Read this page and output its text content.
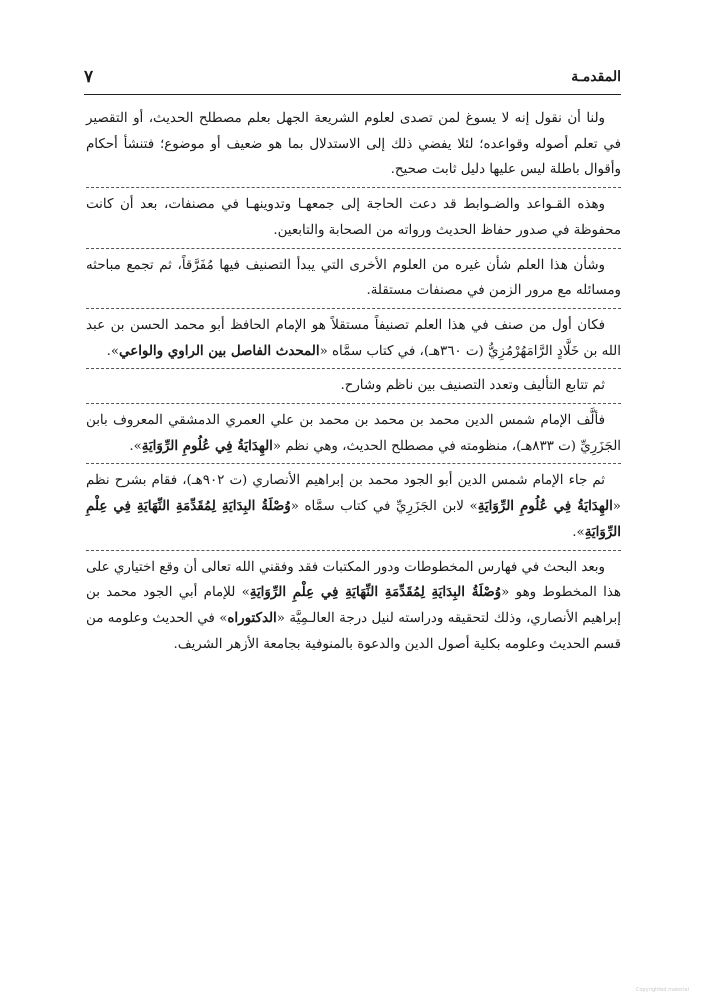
المقدمـة
٧

ولنا أن نقول إنه لا يسوغ لمن تصدى لعلوم الشريعة الجهل بعلم مصطلح الحديث، أو التقصير في تعلم أصوله وقواعده؛ لئلا يفضي ذلك إلى الاستدلال بما هو ضعيف أو موضوع؛ فتنشأ أحكام وأقوال باطلة ليس عليها دليل ثابت صحيح.

وهذه القـواعد والضـوابط قد دعت الحاجة إلى جمعهـا وتدوينهـا في مصنفات، بعد أن كانت محفوظة في صدور حفاظ الحديث ورواته من الصحابة والتابعين.

وشأن هذا العلم شأن غيره من العلوم الأخرى التي يبدأ التصنيف فيها مُفَرَّقاً، ثم تجمع مباحثه ومسائله مع مرور الزمن في مصنفات مستقلة.

فكان أول من صنف في هذا العلم تصنيفاً مستقلاً هو الإمام الحافظ أبو محمد الحسن بن عبد الله بن خَلَّادٍ الرَّامَهُرْمُزِيُّ (ت ٣٦٠هـ)، في كتاب سمَّاه «المحدث الفاصل بين الراوي والواعي».

ثم تتابع التأليف وتعدد التصنيف بين ناظم وشارح.

فألَّف الإمام شمس الدين محمد بن محمد بن محمد بن علي العمري الدمشقي المعروف بابن الجَزَرِيِّ (ت ٨٣٣هـ)، منظومته في مصطلح الحديث، وهي نظم «الهِدَايَةُ فِي عُلُومِ الرِّوَايَةِ».

ثم جاء الإمام شمس الدين أبو الجود محمد بن إبراهيم الأنصاري (ت ٩٠٢هـ)، فقام بشرح نظم «الهِدَايَةُ فِي عُلُومِ الرِّوَايَةِ» لابن الجَزَرِيِّ في كتاب سمَّاه «وُصْلَةُ البِدَايَةِ لِمُقَدِّمَةِ النِّهَايَةِ فِي عِلْمِ الرِّوَايَةِ».

وبعد البحث في فهارس المخطوطات ودور المكتبات فقد وفقني الله تعالى أن وقع اختياري على هذا المخطوط وهو «وُصْلَةُ البِدَايَةِ لِمُقَدِّمَةِ النِّهَايَةِ فِي عِلْمِ الرِّوَايَةِ» للإمام أبي الجود محمد بن إبراهيم الأنصاري، وذلك لتحقيقه ودراسته لنيل درجة العالـمِيَّة «الدكتوراه» في الحديث وعلومه من قسم الحديث وعلومه بكلية أصول الدين والدعوة بالمنوفية بجامعة الأزهر الشريف.

Copyrighted material
